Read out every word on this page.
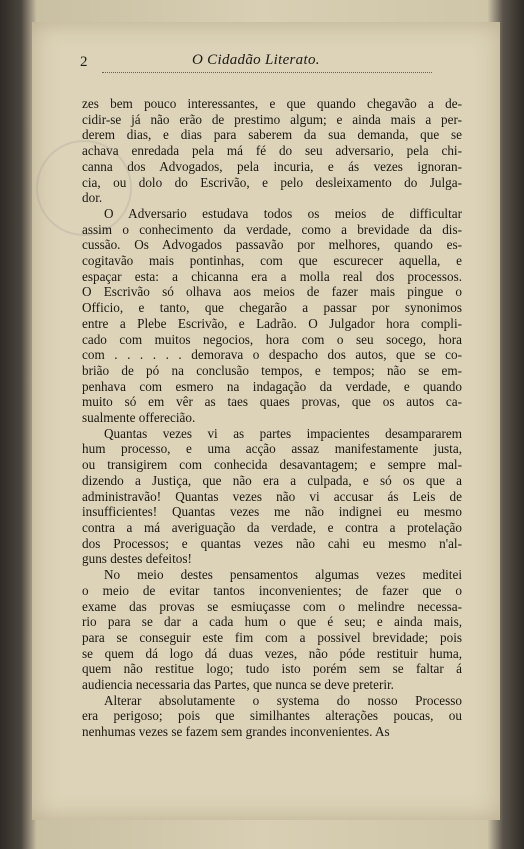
2	O Cidadão Literato.

zes bem pouco interessantes, e que quando chegavão a de-
cidir-se já não erão de prestimo algum; e ainda mais a per-
derem dias, e dias para saberem da sua demanda, que se
achava enredada pela má fé do seu adversario, pela chi-
canna dos Advogados, pela incuria, e ás vezes ignoran-
cia, ou dolo do Escrivão, e pelo desleixamento do Julga-
dor.

O Adversario estudava todos os meios de difficultar
assim o conhecimento da verdade, como a brevidade da dis-
cussão. Os Advogados passavão por melhores, quando es-
cogitavão mais pontinhas, com que escurecer aquella, e
espaçar esta: a chicanna era a molla real dos processos.
O Escrivão só olhava aos meios de fazer mais pingue o
Officio, e tanto, que chegarão a passar por synonimos
entre a Plebe Escrivão, e Ladrão. O Julgador hora compli-
cado com muitos negocios, hora com o seu socego, hora
com . . . . . . demorava o despacho dos autos, que se co-
brião de pó na conclusão tempos, e tempos; não se em-
penhava com esmero na indagação da verdade, e quando
muito só em vêr as taes quaes provas, que os autos ca-
sualmente offerecião.

Quantas vezes vi as partes impacientes desampararem
hum processo, e uma acção assaz manifestamente justa,
ou transigirem com conhecida desavantagem; e sempre mal-
dizendo a Justiça, que não era a culpada, e só os que a
administravão! Quantas vezes não vi accusar ás Leis de
insufficientes! Quantas vezes me não indignei eu mesmo
contra a má averiguação da verdade, e contra a protelação
dos Processos; e quantas vezes não cahi eu mesmo n'al-
guns destes defeitos!

No meio destes pensamentos algumas vezes meditei
o meio de evitar tantos inconvenientes; de fazer que o
exame das provas se esmiuçasse com o melindre necessa-
rio para se dar a cada hum o que é seu; e ainda mais,
para se conseguir este fim com a possivel brevidade; pois
se quem dá logo dá duas vezes, não póde restituir huma,
quem não restitue logo; tudo isto porém sem se faltar á
audiencia necessaria das Partes, que nunca se deve preterir.

Alterar absolutamente o systema do nosso Processo
era perigoso; pois que similhantes alterações poucas, ou
nenhumas vezes se fazem sem grandes inconvenientes. As
